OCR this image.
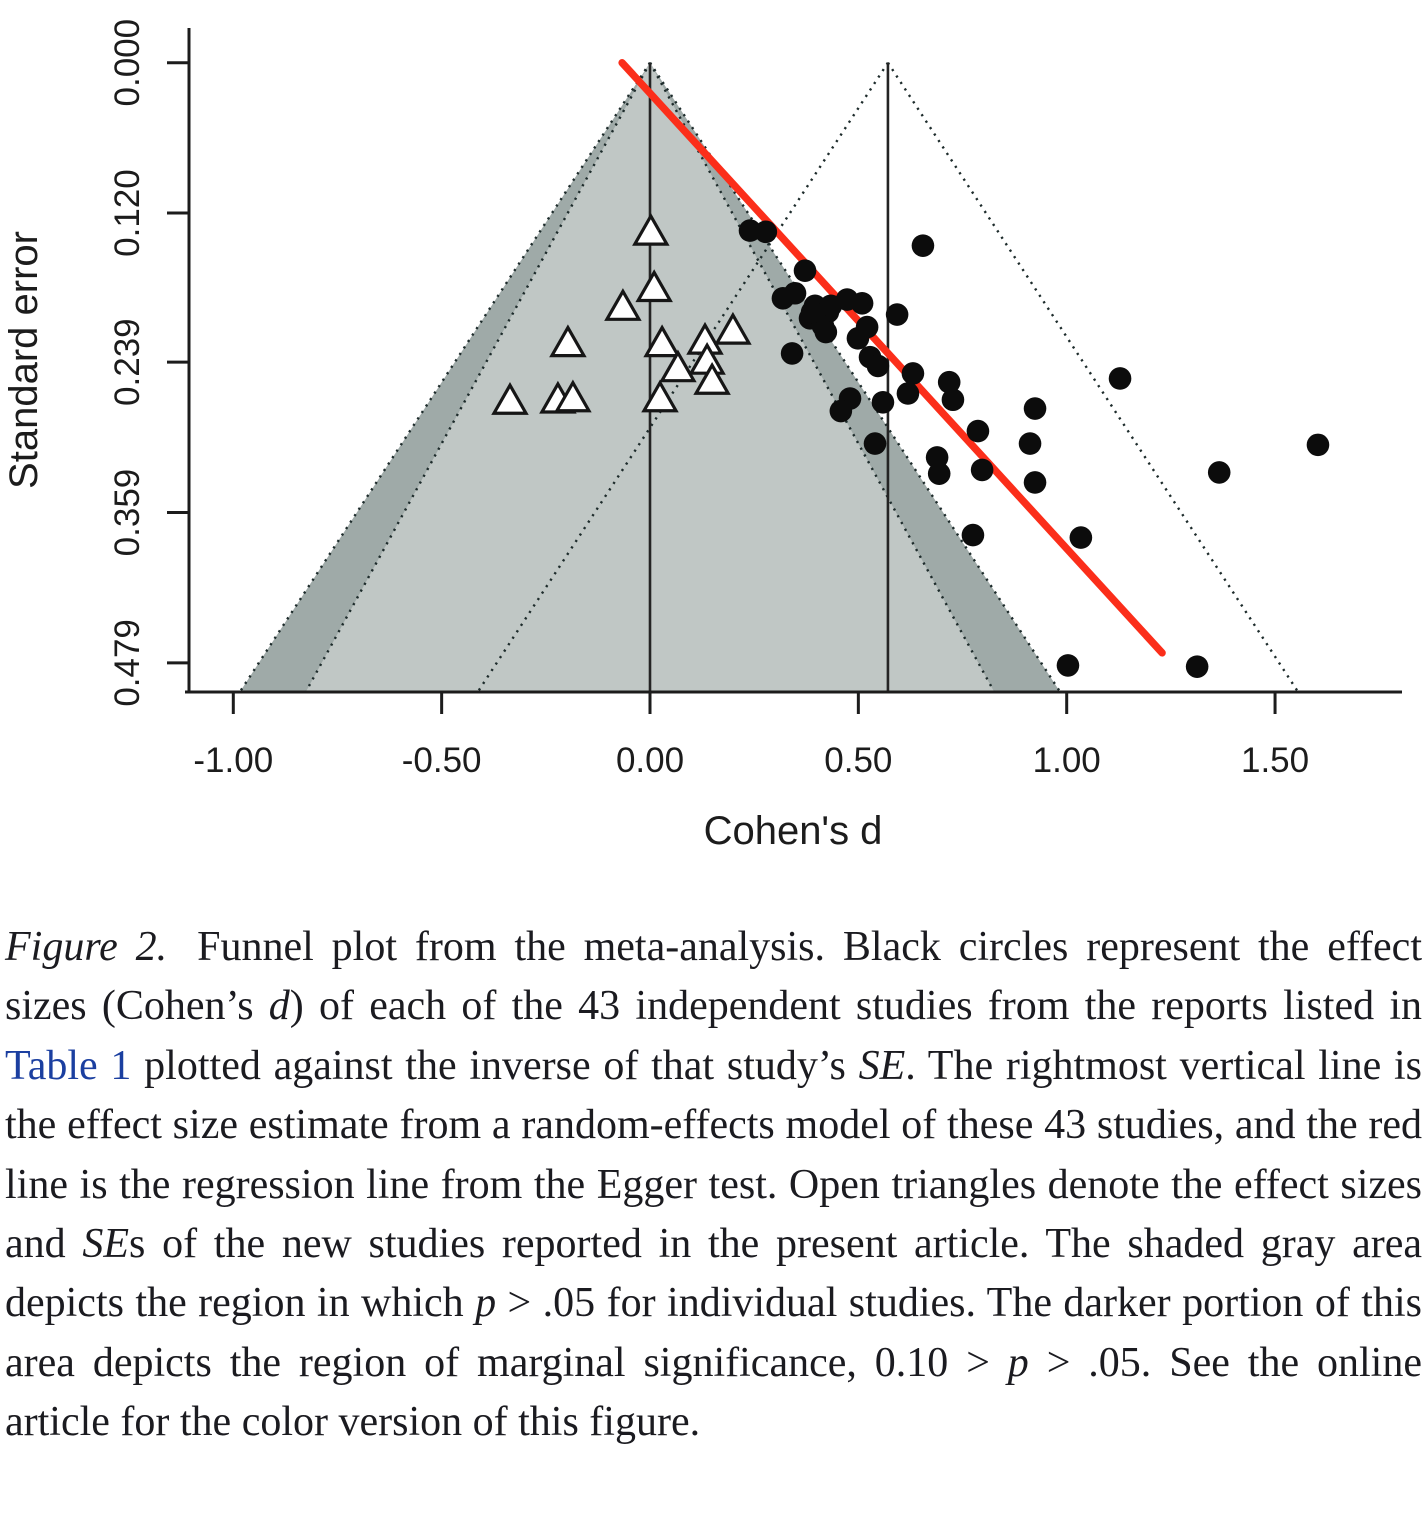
0.000
0.120
0.239
0.359
0.479
-1.00	-0.50	0.00	0.50	1.00	1.50
Standard error
Cohen's d

Figure 2. Funnel plot from the meta-analysis. Black circles represent the effect sizes (Cohen’s d) of each of the 43 independent studies from the reports listed in Table 1 plotted against the inverse of that study’s SE. The rightmost vertical line is the effect size estimate from a random-effects model of these 43 studies, and the red line is the regression line from the Egger test. Open triangles denote the effect sizes and SEs of the new studies reported in the present article. The shaded gray area depicts the region in which p > .05 for individual studies. The darker portion of this area depicts the region of marginal significance, 0.10 > p > .05. See the online article for the color version of this figure.
